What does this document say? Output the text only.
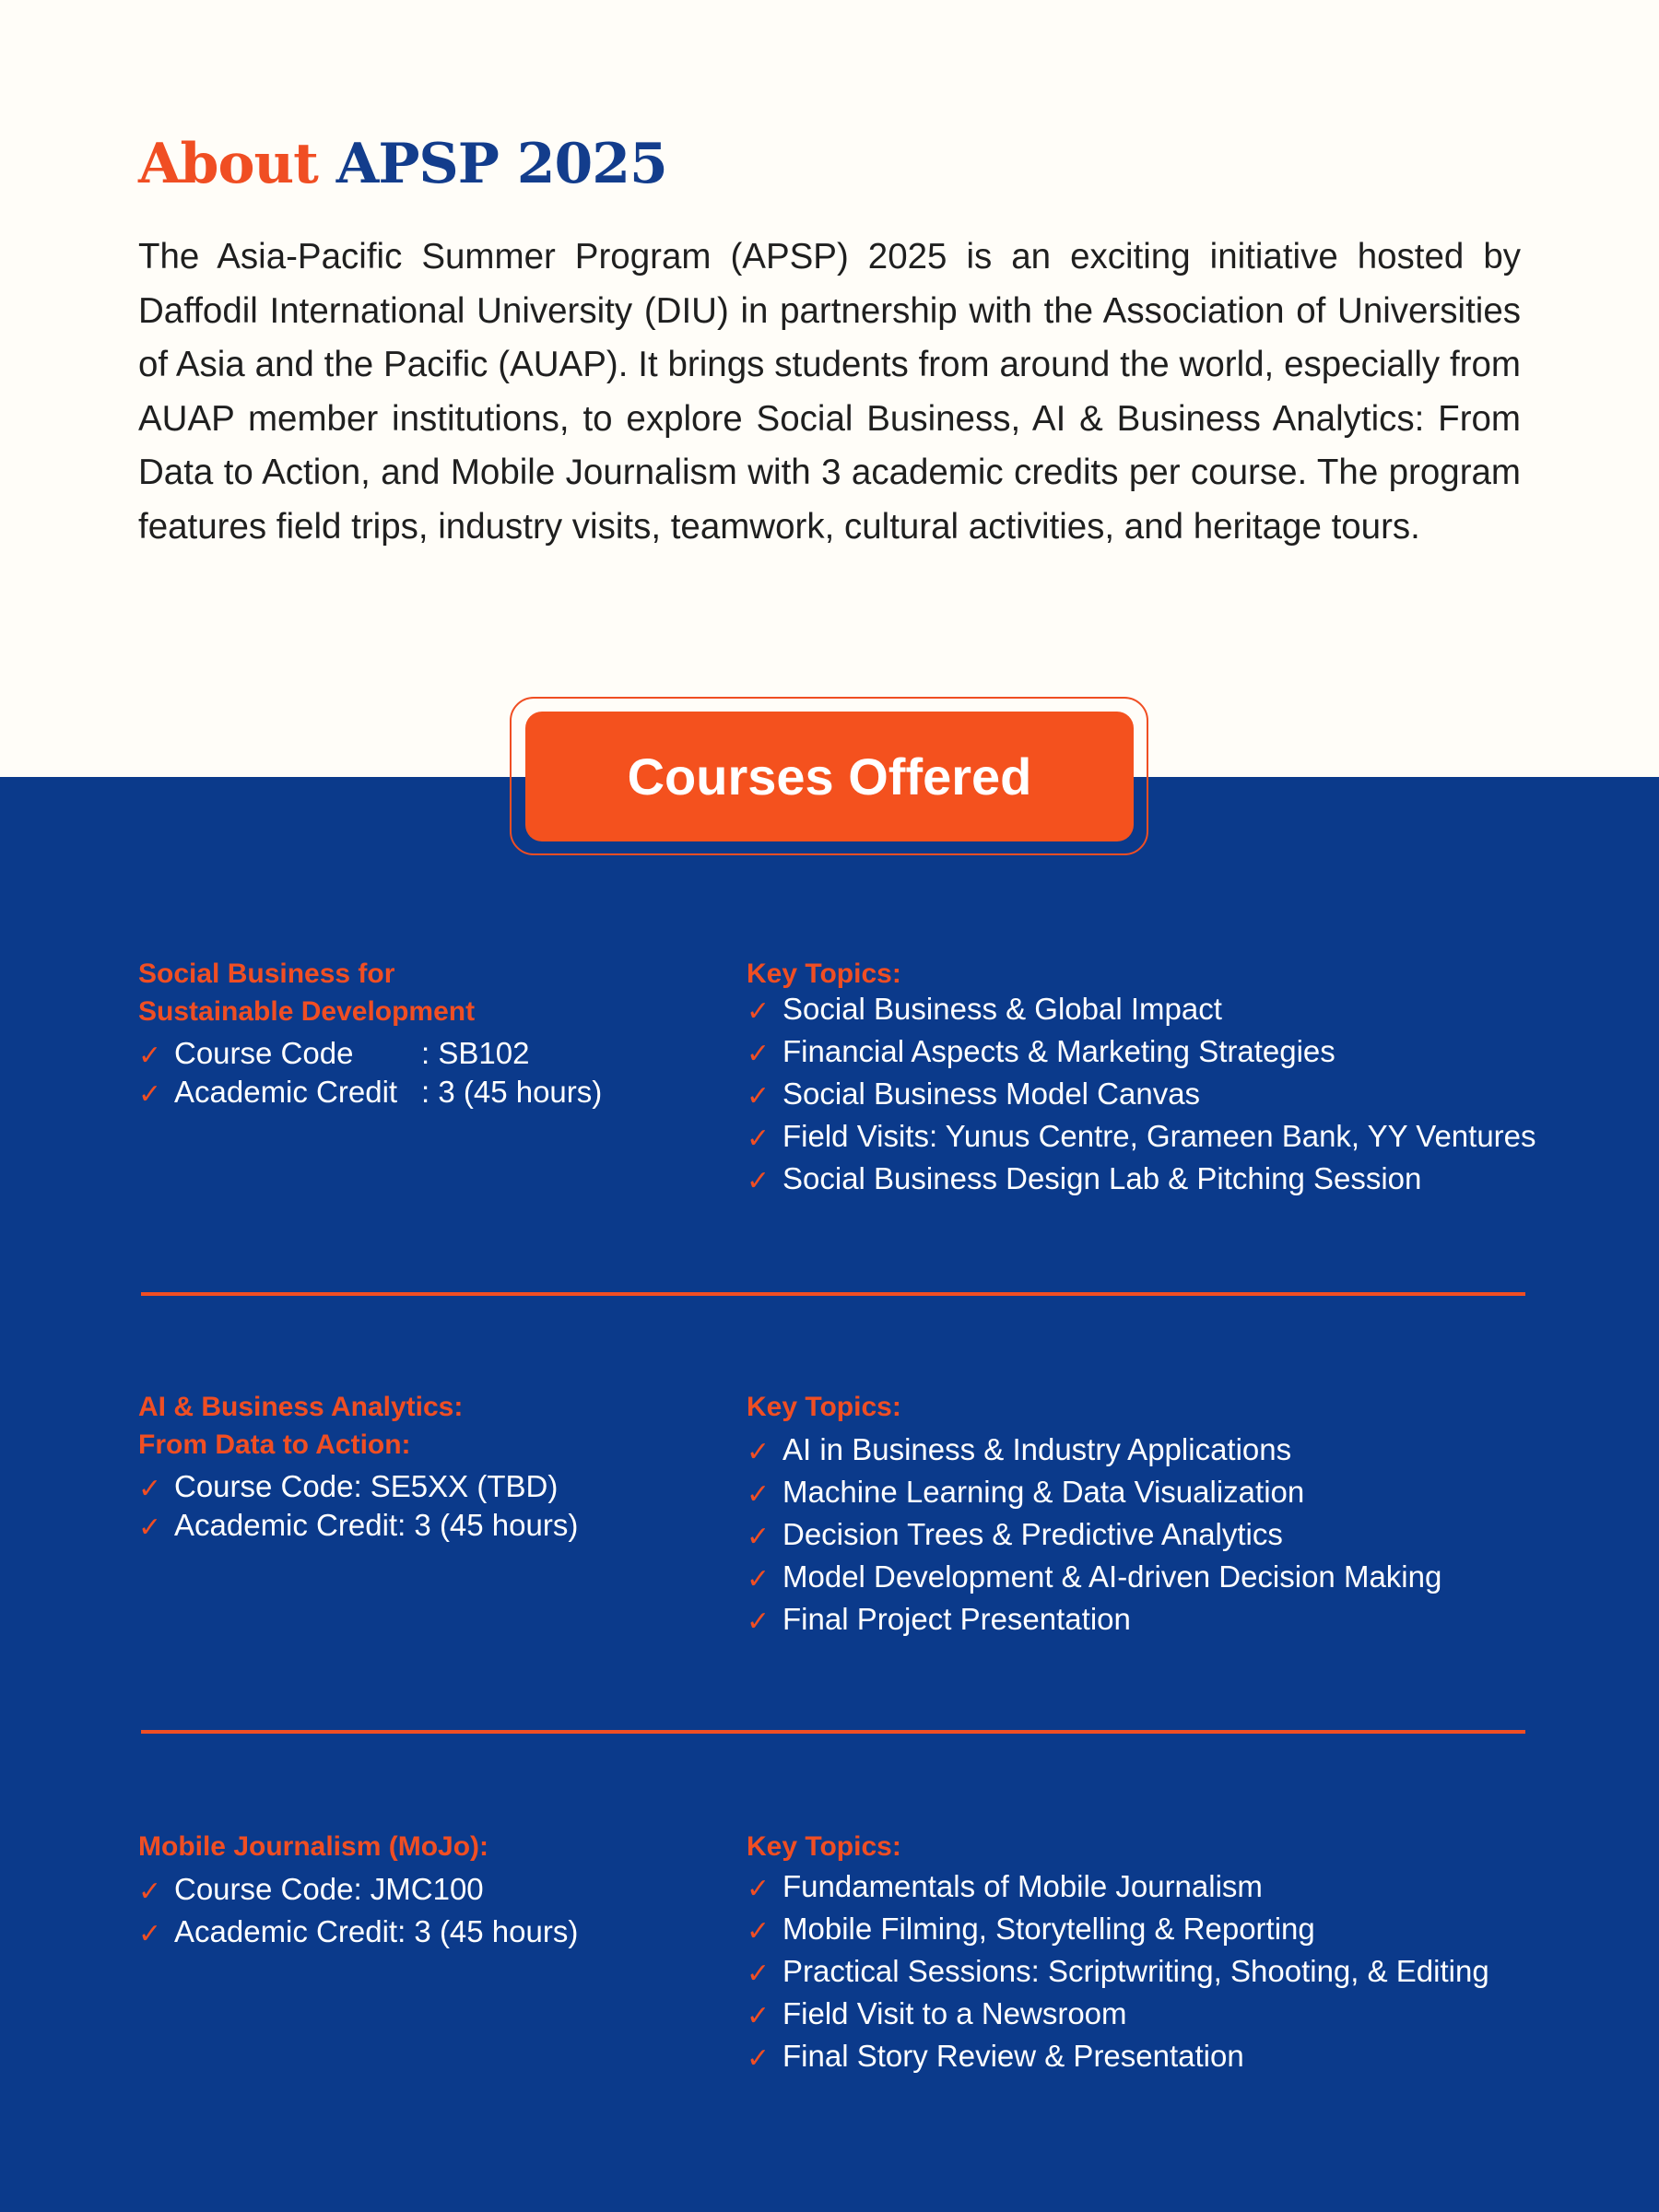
About APSP 2025

The Asia-Pacific Summer Program (APSP) 2025 is an exciting initiative hosted by Daffodil International University (DIU) in partnership with the Association of Universities of Asia and the Pacific (AUAP). It brings students from around the world, especially from AUAP member institutions, to explore Social Business, AI & Business Analytics: From Data to Action, and Mobile Journalism with 3 academic credits per course. The program features field trips, industry visits, teamwork, cultural activities, and heritage tours.

Courses Offered
Social Business for
Sustainable Development
✓ Course Code : SB102
✓ Academic Credit : 3 (45 hours)
Key Topics:
✓ Social Business & Global Impact
✓ Financial Aspects & Marketing Strategies
✓ Social Business Model Canvas
✓ Field Visits: Yunus Centre, Grameen Bank, YY Ventures
✓ Social Business Design Lab & Pitching Session
AI & Business Analytics:
From Data to Action:
✓ Course Code: SE5XX (TBD)
✓ Academic Credit: 3 (45 hours)
Key Topics:
✓ AI in Business & Industry Applications
✓ Machine Learning & Data Visualization
✓ Decision Trees & Predictive Analytics
✓ Model Development & AI-driven Decision Making
✓ Final Project Presentation
Mobile Journalism (MoJo):
✓ Course Code: JMC100
✓ Academic Credit: 3 (45 hours)
Key Topics:
✓ Fundamentals of Mobile Journalism
✓ Mobile Filming, Storytelling & Reporting
✓ Practical Sessions: Scriptwriting, Shooting, & Editing
✓ Field Visit to a Newsroom
✓ Final Story Review & Presentation
